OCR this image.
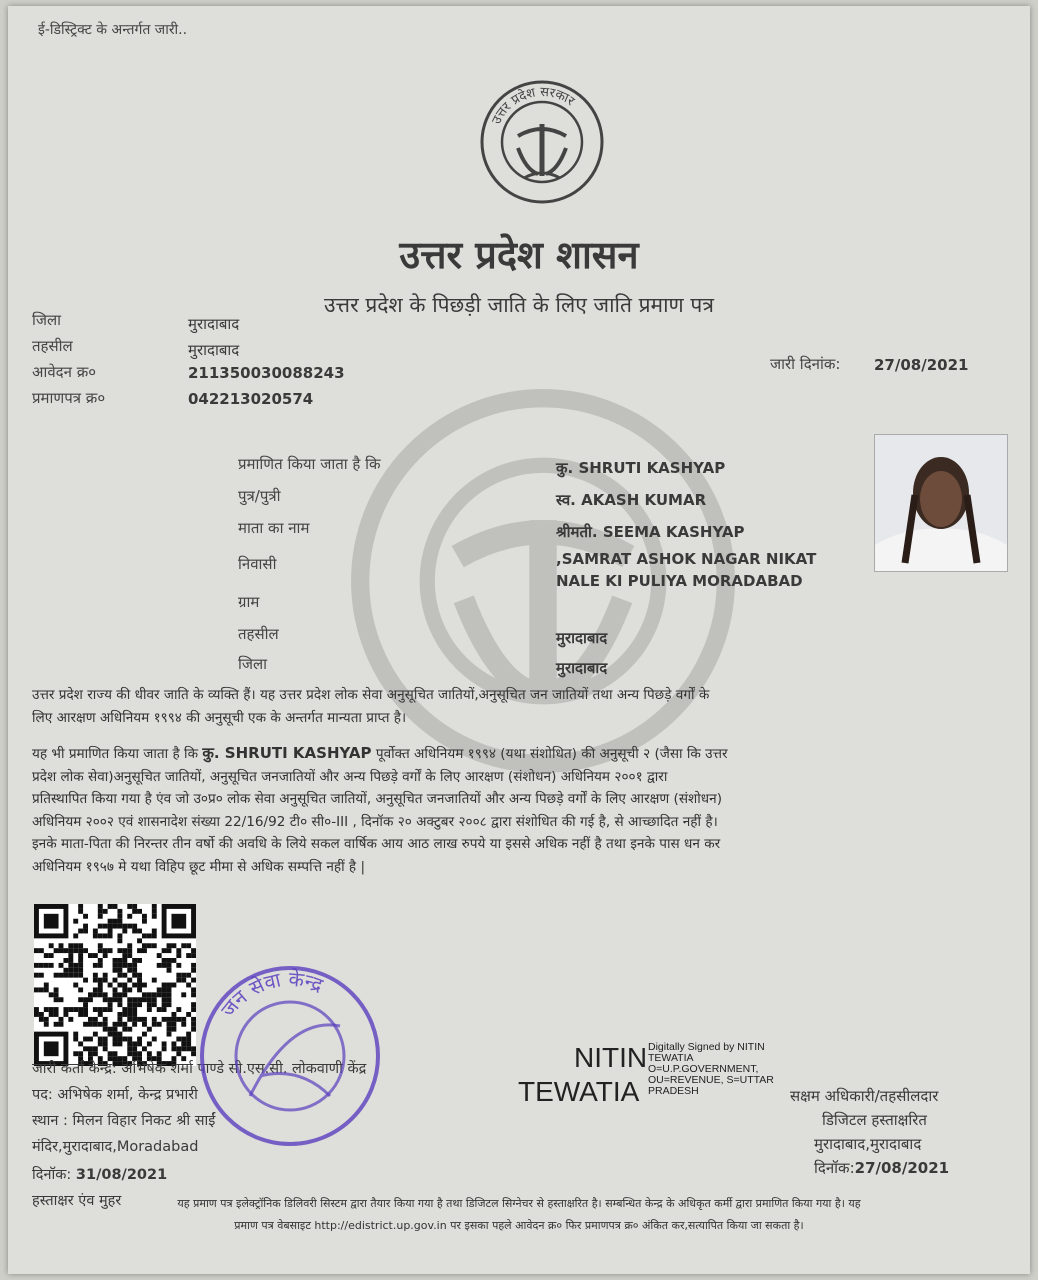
ई-डिस्ट्रिक्ट के अन्तर्गत जारी..
उत्तर प्रदेश सरकार
उत्तर प्रदेश शासन
उत्तर प्रदेश के पिछड़ी जाति के लिए जाति प्रमाण पत्र
जिला	मुरादाबाद
तहसील	मुरादाबाद
आवेदन क्र०	211350030088243
प्रमाणपत्र क्र०	042213020574
जारी दिनांक: 27/08/2021
प्रमाणित किया जाता है कि	कु. SHRUTI KASHYAP
पुत्र/पुत्री	स्व. AKASH KUMAR
माता का नाम	श्रीमती. SEEMA KASHYAP
निवासी	,SAMRAT ASHOK NAGAR NIKAT
NALE KI PULIYA MORADABAD
ग्राम
तहसील	मुरादाबाद
जिला	मुरादाबाद
उत्तर प्रदेश राज्य की धीवर जाति के व्यक्ति हैं। यह उत्तर प्रदेश लोक सेवा अनुसूचित जातियों,अनुसूचित जन जातियों तथा अन्य पिछड़े वर्गों के
लिए आरक्षण अधिनियम १९९४ की अनुसूची एक के अन्तर्गत मान्यता प्राप्त है।
यह भी प्रमाणित किया जाता है कि कु. SHRUTI KASHYAP पूर्वोक्त अधिनियम १९९४ (यथा संशोधित) की अनुसूची २ (जैसा कि उत्तर
प्रदेश लोक सेवा)अनुसूचित जातियों, अनुसूचित जनजातियों और अन्य पिछड़े वर्गों के लिए आरक्षण (संशोधन) अधिनियम २००१ द्वारा
प्रतिस्थापित किया गया है एंव जो उ०प्र० लोक सेवा अनुसूचित जातियों, अनुसूचित जनजातियों और अन्य पिछड़े वर्गों के लिए आरक्षण (संशोधन)
अधिनियम २००२ एवं शासनादेश संख्या 22/16/92 टी० सी०-III , दिनॉक २० अक्टुबर २००८ द्वारा संशोधित की गई है, से आच्छादित नहीं है।
इनके माता-पिता की निरन्तर तीन वर्षो की अवधि के लिये सकल वार्षिक आय आठ लाख रुपये या इससे अधिक नहीं है तथा इनके पास धन कर
अधिनियम १९५७ मे यथा विहिप छूट मीमा से अधिक सम्पत्ति नहीं है |
जारी कर्ता केन्द्र: अभिषेक शर्मा पाण्डे सी.एस.सी. लोकवाणी केंद्र
पद: अभिषेक शर्मा, केन्द्र प्रभारी
स्थान : मिलन विहार निकट श्री साईं
मंदिर,मुरादाबाद,Moradabad
दिनॉक: 31/08/2021
हस्ताक्षर एंव मुहर
जन सेवा केन्द्र
NITIN
TEWATIA
Digitally Signed by NITIN TEWATIA O=U.P.GOVERNMENT, OU=REVENUE, S=UTTAR PRADESH	सक्षम अधिकारी/तहसीलदार
डिजिटल हस्ताक्षरित
मुरादाबाद,मुरादाबाद
दिनॉक:27/08/2021
यह प्रमाण पत्र इलेक्ट्रॉनिक डिलिवरी सिस्टम द्वारा तैयार किया गया है तथा डिजिटल सिग्नेचर से हस्ताक्षरित है। सम्बन्धित केन्द्र के अधिकृत कर्मी द्वारा प्रमाणित किया गया है। यह
प्रमाण पत्र वेबसाइट http://edistrict.up.gov.in पर इसका पहले आवेदन क्र० फिर प्रमाणपत्र क्र० अंकित कर,सत्यापित किया जा सकता है।
